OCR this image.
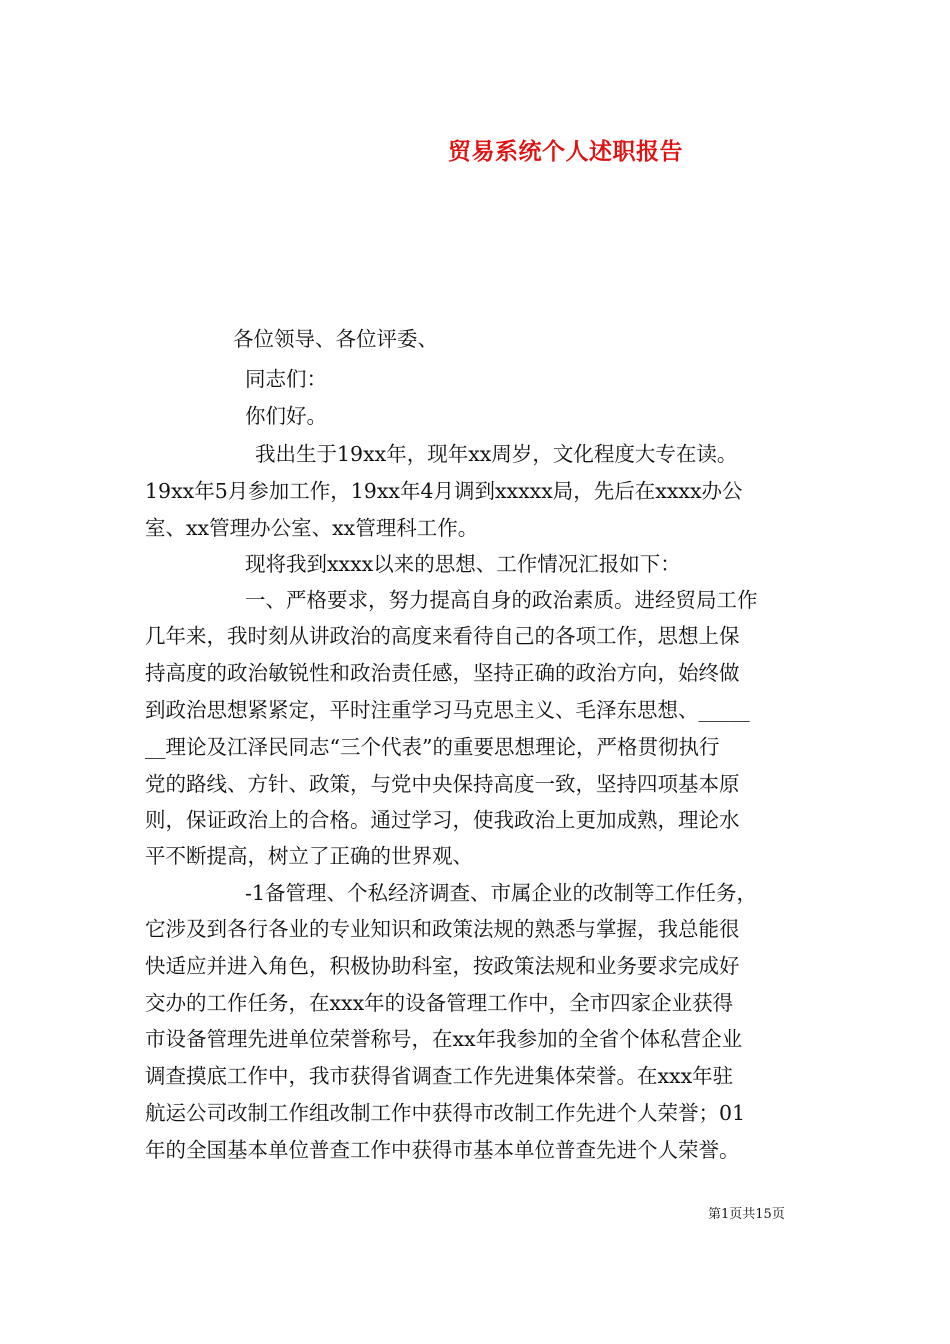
贸易系统个人述职报告
各位领导、各位评委、
同志们：
你们好。
我出生于19xx年，现年xx周岁，文化程度大专在读。
19xx年5月参加工作，19xx年4月调到xxxxx局，先后在xxxx办公
室、xx管理办公室、xx管理科工作。
现将我到xxxx以来的思想、工作情况汇报如下：
一、严格要求，努力提高自身的政治素质。进经贸局工作
几年来，我时刻从讲政治的高度来看待自己的各项工作，思想上保
持高度的政治敏锐性和政治责任感，坚持正确的政治方向，始终做
到政治思想紧紧定，平时注重学习马克思主义、毛泽东思想、_____
__理论及江泽民同志“三个代表”的重要思想理论，严格贯彻执行
党的路线、方针、政策，与党中央保持高度一致，坚持四项基本原
则，保证政治上的合格。通过学习，使我政治上更加成熟，理论水
平不断提高，树立了正确的世界观、
-1备管理、个私经济调查、市属企业的改制等工作任务，
它涉及到各行各业的专业知识和政策法规的熟悉与掌握，我总能很
快适应并进入角色，积极协助科室，按政策法规和业务要求完成好
交办的工作任务，在xxx年的设备管理工作中，全市四家企业获得
市设备管理先进单位荣誉称号，在xx年我参加的全省个体私营企业
调查摸底工作中，我市获得省调查工作先进集体荣誉。在xxx年驻
航运公司改制工作组改制工作中获得市改制工作先进个人荣誉；01
年的全国基本单位普查工作中获得市基本单位普查先进个人荣誉。
第1页共15页
